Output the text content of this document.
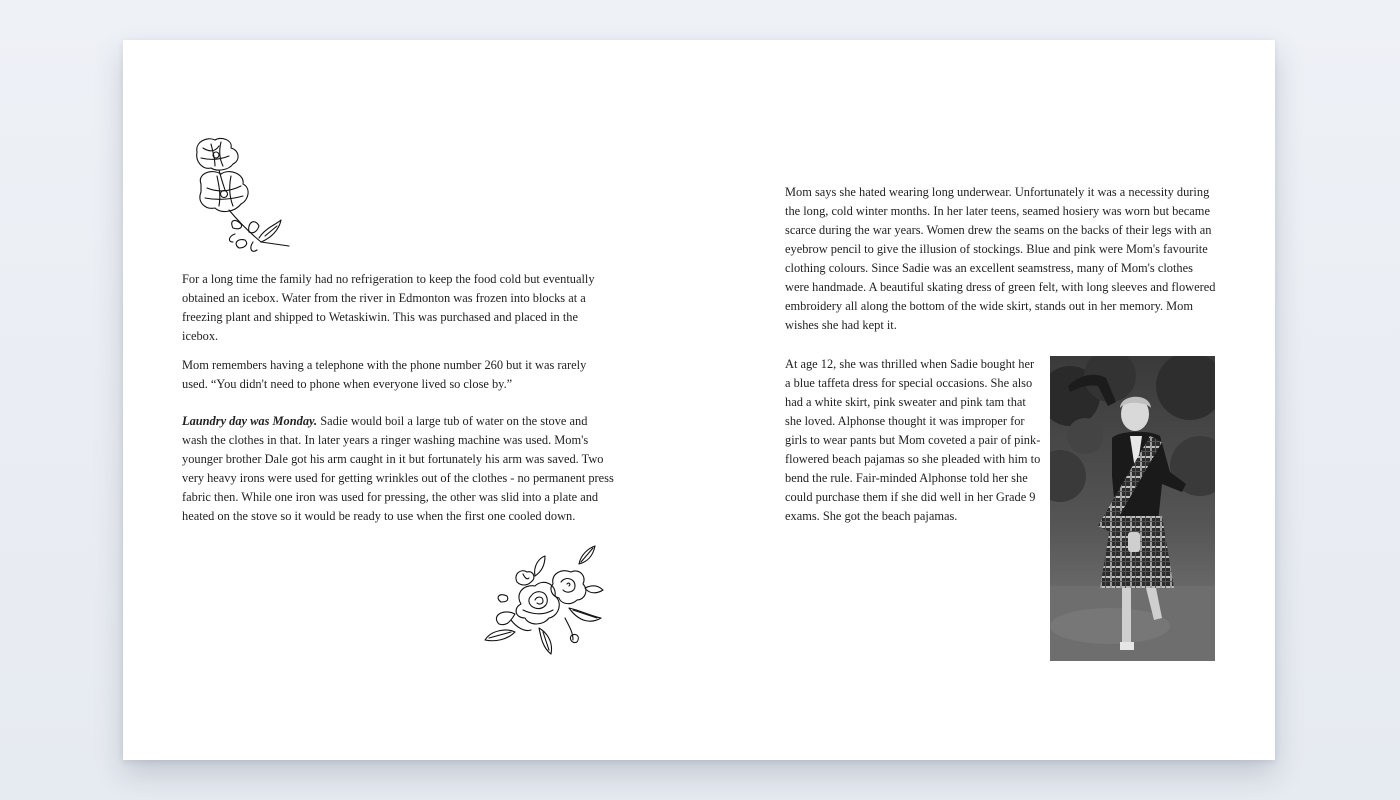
For a long time the family had no refrigeration to keep the food cold but eventually obtained an icebox. Water from the river in Edmonton was frozen into blocks at a freezing plant and shipped to Wetaskiwin. This was purchased and placed in the icebox.

Mom remembers having a telephone with the phone number 260 but it was rarely used. “You didn't need to phone when everyone lived so close by.”

Laundry day was Monday. Sadie would boil a large tub of water on the stove and wash the clothes in that. In later years a ringer washing machine was used. Mom's younger brother Dale got his arm caught in it but fortunately his arm was saved. Two very heavy irons were used for getting wrinkles out of the clothes - no permanent press fabric then. While one iron was used for pressing, the other was slid into a plate and heated on the stove so it would be ready to use when the first one cooled down.

Mom says she hated wearing long underwear. Unfortunately it was a necessity during the long, cold winter months. In her later teens, seamed hosiery was worn but became scarce during the war years. Women drew the seams on the backs of their legs with an eyebrow pencil to give the illusion of stockings. Blue and pink were Mom's favourite clothing colours. Since Sadie was an excellent seamstress, many of Mom's clothes were handmade. A beautiful skating dress of green felt, with long sleeves and flowered embroidery all along the bottom of the wide skirt, stands out in her memory. Mom wishes she had kept it.

At age 12, she was thrilled when Sadie bought her a blue taffeta dress for special occasions. She also had a white skirt, pink sweater and pink tam that she loved. Alphonse thought it was improper for girls to wear pants but Mom coveted a pair of pink-flowered beach pajamas so she pleaded with him to bend the rule. Fair-minded Alphonse told her she could purchase them if she did well in her Grade 9 exams. She got the beach pajamas.
